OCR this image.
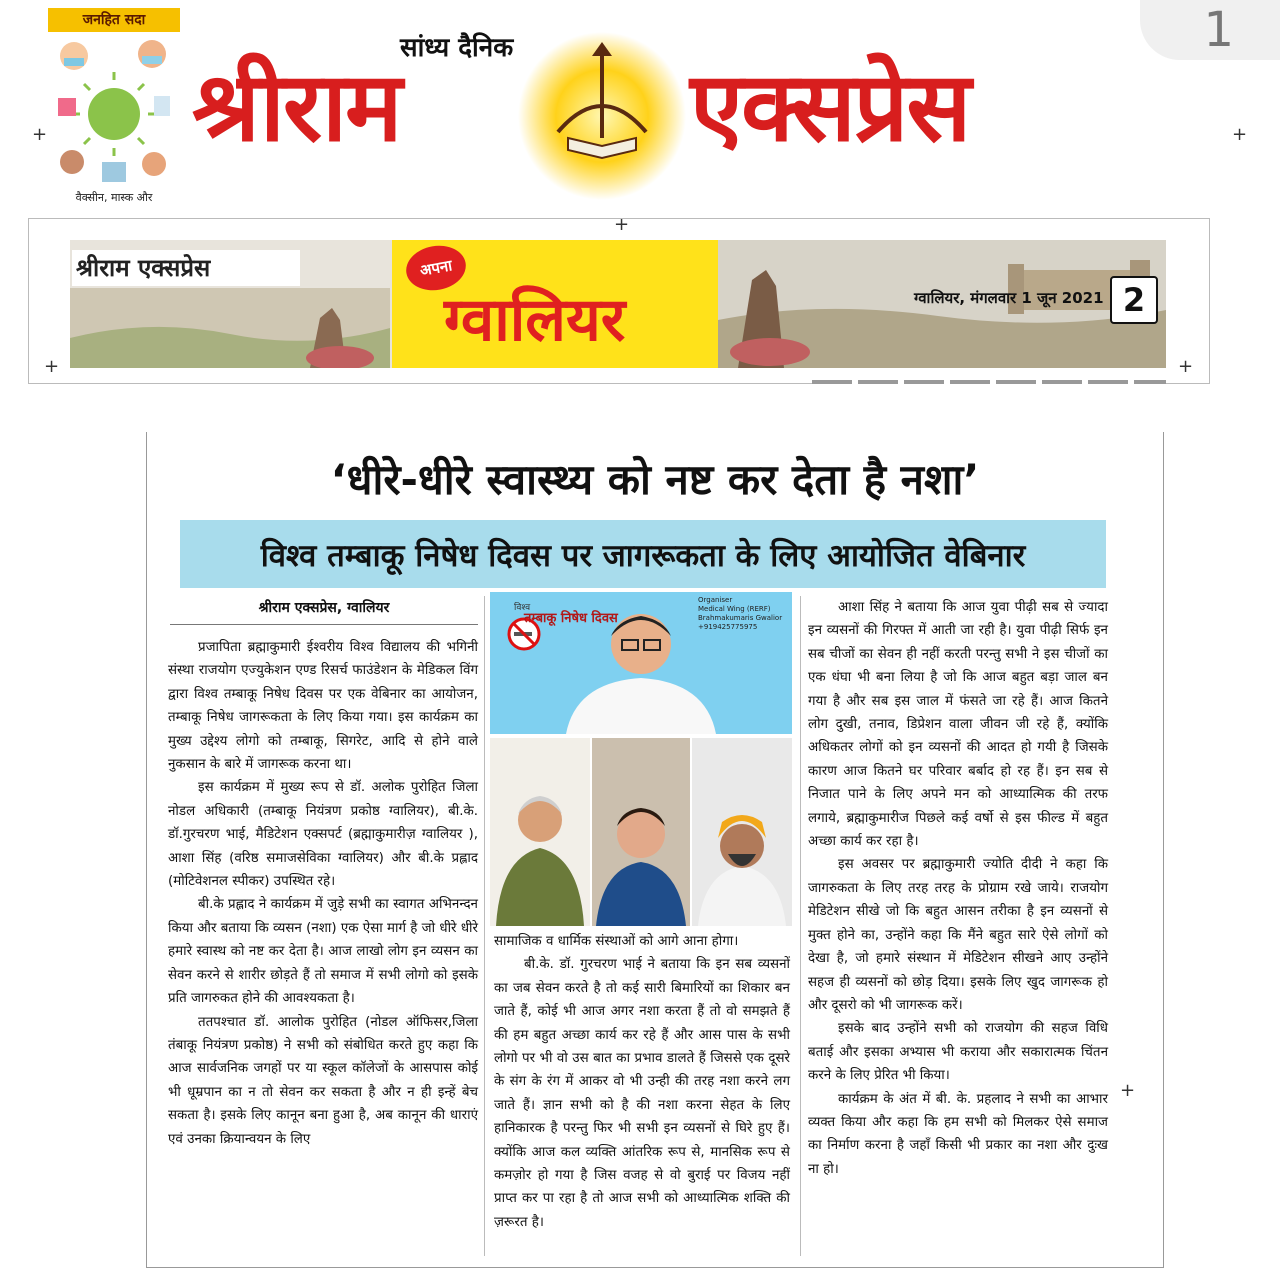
जनहित सदा
वैक्सीन, मास्क और
सांध्य दैनिक
श्रीराम	एक्सप्रेस
1
+	+
+
+	+
+
श्रीराम एक्सप्रेस	अपना
ग्वालियर	ग्वालियर, मंगलवार 1 जून 2021 2
‘धीरे-धीरे स्वास्थ्य को नष्ट कर देता है नशा’
विश्व तम्बाकू निषेध दिवस पर जागरूकता के लिए आयोजित वेबिनार
श्रीराम एक्सप्रेस, ग्वालियर

प्रजापिता ब्रह्माकुमारी ईश्वरीय विश्व विद्यालय की भगिनी संस्था राजयोग एज्युकेशन एण्ड रिसर्च फाउंडेशन के मेडिकल विंग द्वारा विश्व तम्बाकू निषेध दिवस पर एक वेबिनार का आयोजन, तम्बाकू निषेध जागरूकता के लिए किया गया। इस कार्यक्रम का मुख्य उद्देश्य लोगो को तम्बाकू, सिगरेट, आदि से होने वाले नुकसान के बारे में जागरूक करना था।

इस कार्यक्रम में मुख्य रूप से डॉ. अलोक पुरोहित जिला नोडल अधिकारी (तम्बाकू नियंत्रण प्रकोष्ठ ग्वालियर), बी.के. डॉ.गुरचरण भाई, मैडिटेशन एक्सपर्ट (ब्रह्माकुमारीज़ ग्वालियर ), आशा सिंह (वरिष्ठ समाजसेविका ग्वालियर) और बी.के प्रह्लाद (मोटिवेशनल स्पीकर) उपस्थित रहे।

बी.के प्रह्लाद ने कार्यक्रम में जुड़े सभी का स्वागत अभिनन्दन किया और बताया कि व्यसन (नशा) एक ऐसा मार्ग है जो धीरे धीरे हमारे स्वास्थ को नष्ट कर देता है। आज लाखो लोग इन व्यसन का सेवन करने से शारीर छोड़ते हैं तो समाज में सभी लोगो को इसके प्रति जागरुकत होने की आवश्यकता है।

ततपश्चात डॉ. आलोक पुरोहित (नोडल ऑफिसर,जिला तंबाकू नियंत्रण प्रकोष्ठ) ने सभी को संबोधित करते हुए कहा कि आज सार्वजनिक जगहों पर या स्कूल कॉलेजों के आसपास कोई भी धूम्रपान का न तो सेवन कर सकता है और न ही इन्हें बेच सकता है। इसके लिए कानून बना हुआ है, अब कानून की धाराएं एवं उनका क्रियान्वयन के लिए

विश्व
तम्बाकू निषेध दिवस
Organiser
Medical Wing (RERF)
Brahmakumaris Gwalior
+919425775975

सामाजिक व धार्मिक संस्थाओं को आगे आना होगा।

बी.के. डॉ. गुरचरण भाई ने बताया कि इन सब व्यसनों का जब सेवन करते है तो कई सारी बिमारियों का शिकार बन जाते हैं, कोई भी आज अगर नशा करता हैं तो वो समझते हैं की हम बहुत अच्छा कार्य कर रहे हैं और आस पास के सभी लोगो पर भी वो उस बात का प्रभाव डालते हैं जिससे एक दूसरे के संग के रंग में आकर वो भी उन्ही की तरह नशा करने लग जाते हैं। ज्ञान सभी को है की नशा करना सेहत के लिए हानिकारक है परन्तु फिर भी सभी इन व्यसनों से घिरे हुए हैं। क्योंकि आज कल व्यक्ति आंतरिक रूप से, मानसिक रूप से कमज़ोर हो गया है जिस वजह से वो बुराई पर विजय नहीं प्राप्त कर पा रहा है तो आज सभी को आध्यात्मिक शक्ति की ज़रूरत है।

आशा सिंह ने बताया कि आज युवा पीढ़ी सब से ज्यादा इन व्यसनों की गिरफ्त में आती जा रही है। युवा पीढ़ी सिर्फ इन सब चीजों का सेवन ही नहीं करती परन्तु सभी ने इस चीजों का एक धंघा भी बना लिया है जो कि आज बहुत बड़ा जाल बन गया है और सब इस जाल में फंसते जा रहे हैं। आज कितने लोग दुखी, तनाव, डिप्रेशन वाला जीवन जी रहे हैं, क्योंकि अधिकतर लोगों को इन व्यसनों की आदत हो गयी है जिसके कारण आज कितने घर परिवार बर्बाद हो रह हैं। इन सब से निजात पाने के लिए अपने मन को आध्यात्मिक की तरफ लगाये, ब्रह्माकुमारीज पिछले कई वर्षो से इस फील्ड में बहुत अच्छा कार्य कर रहा है।

इस अवसर पर ब्रह्माकुमारी ज्योति दीदी ने कहा कि जागरुकता के लिए तरह तरह के प्रोग्राम रखे जाये। राजयोग मेडिटेशन सीखे जो कि बहुत आसन तरीका है इन व्यसनों से मुक्त होने का, उन्होंने कहा कि मैंने बहुत सारे ऐसे लोगों को देखा है, जो हमारे संस्थान में मेडिटेशन सीखने आए उन्होंने सहज ही व्यसनों को छोड़ दिया। इसके लिए खुद जागरूक हो और दूसरो को भी जागरूक करें।

इसके बाद उन्होंने सभी को राजयोग की सहज विधि बताई और इसका अभ्यास भी कराया और सकारात्मक चिंतन करने के लिए प्रेरित भी किया।

कार्यक्रम के अंत में बी. के. प्रहलाद ने सभी का आभार व्यक्त किया और कहा कि हम सभी को मिलकर ऐसे समाज का निर्माण करना है जहाँ किसी भी प्रकार का नशा और दुःख ना हो।
